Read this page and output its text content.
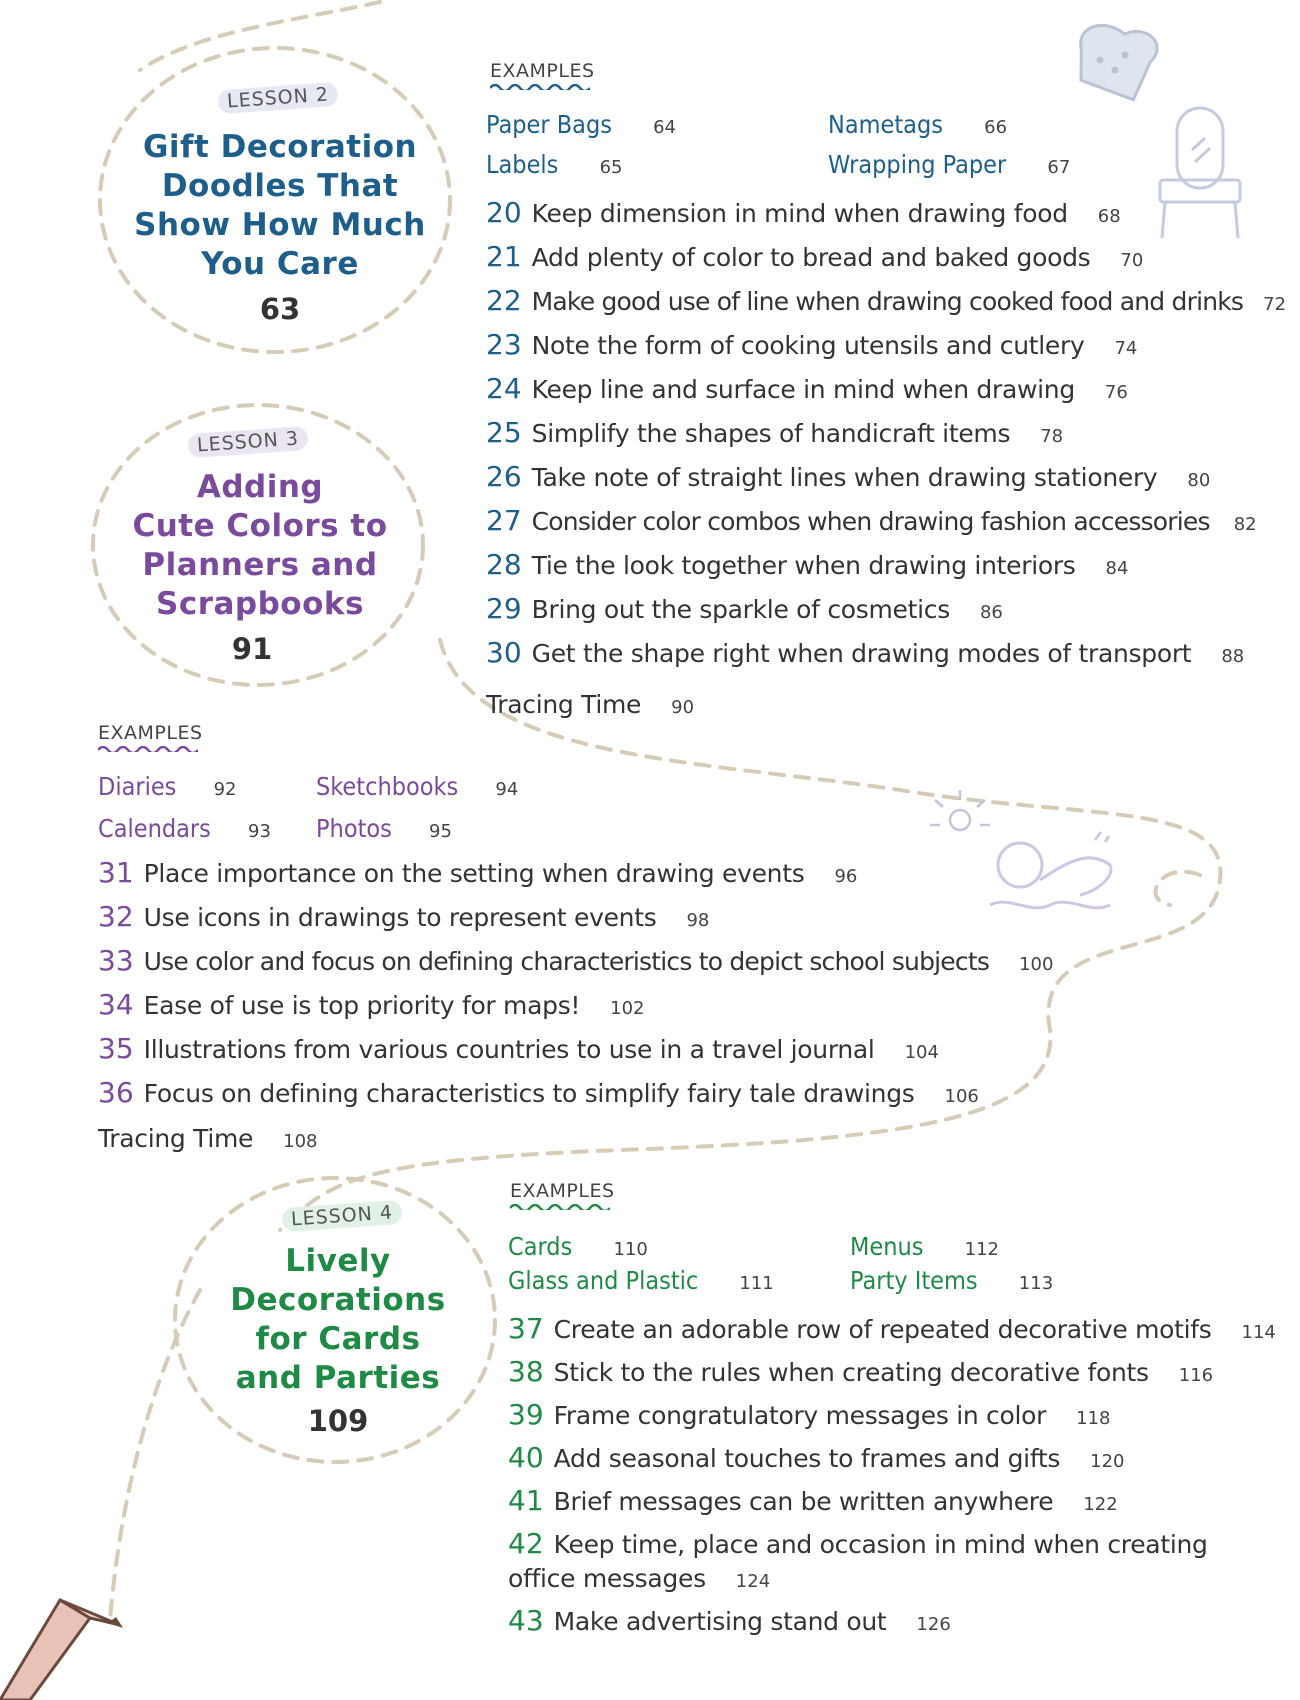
LESSON 2
Gift Decoration
Doodles That
Show How Much
You Care
63
EXAMPLES
Paper Bags 64	Nametags 66
Labels 65	Wrapping Paper 67
20 Keep dimension in mind when drawing food 68
21 Add plenty of color to bread and baked goods 70
22 Make good use of line when drawing cooked food and drinks 72
23 Note the form of cooking utensils and cutlery 74
24 Keep line and surface in mind when drawing 76
25 Simplify the shapes of handicraft items 78
26 Take note of straight lines when drawing stationery 80
27 Consider color combos when drawing fashion accessories 82
28 Tie the look together when drawing interiors 84
29 Bring out the sparkle of cosmetics 86
30 Get the shape right when drawing modes of transport 88
Tracing Time 90
LESSON 3
Adding
Cute Colors to
Planners and
Scrapbooks
91
EXAMPLES
Diaries 92	Sketchbooks 94
Calendars 93 Photos 95
31 Place importance on the setting when drawing events 96
32 Use icons in drawings to represent events 98
33 Use color and focus on defining characteristics to depict school subjects 100
34 Ease of use is top priority for maps! 102
35 Illustrations from various countries to use in a travel journal 104
36 Focus on defining characteristics to simplify fairy tale drawings 106
Tracing Time 108
LESSON 4
Lively
Decorations
for Cards
and Parties
109
EXAMPLES
Cards 110	Menus 112
Glass and Plastic 111	Party Items 113
37 Create an adorable row of repeated decorative motifs 114
38 Stick to the rules when creating decorative fonts 116
39 Frame congratulatory messages in color 118
40 Add seasonal touches to frames and gifts 120
41 Brief messages can be written anywhere 122
42 Keep time, place and occasion in mind when creating office messages 124
43 Make advertising stand out 126
